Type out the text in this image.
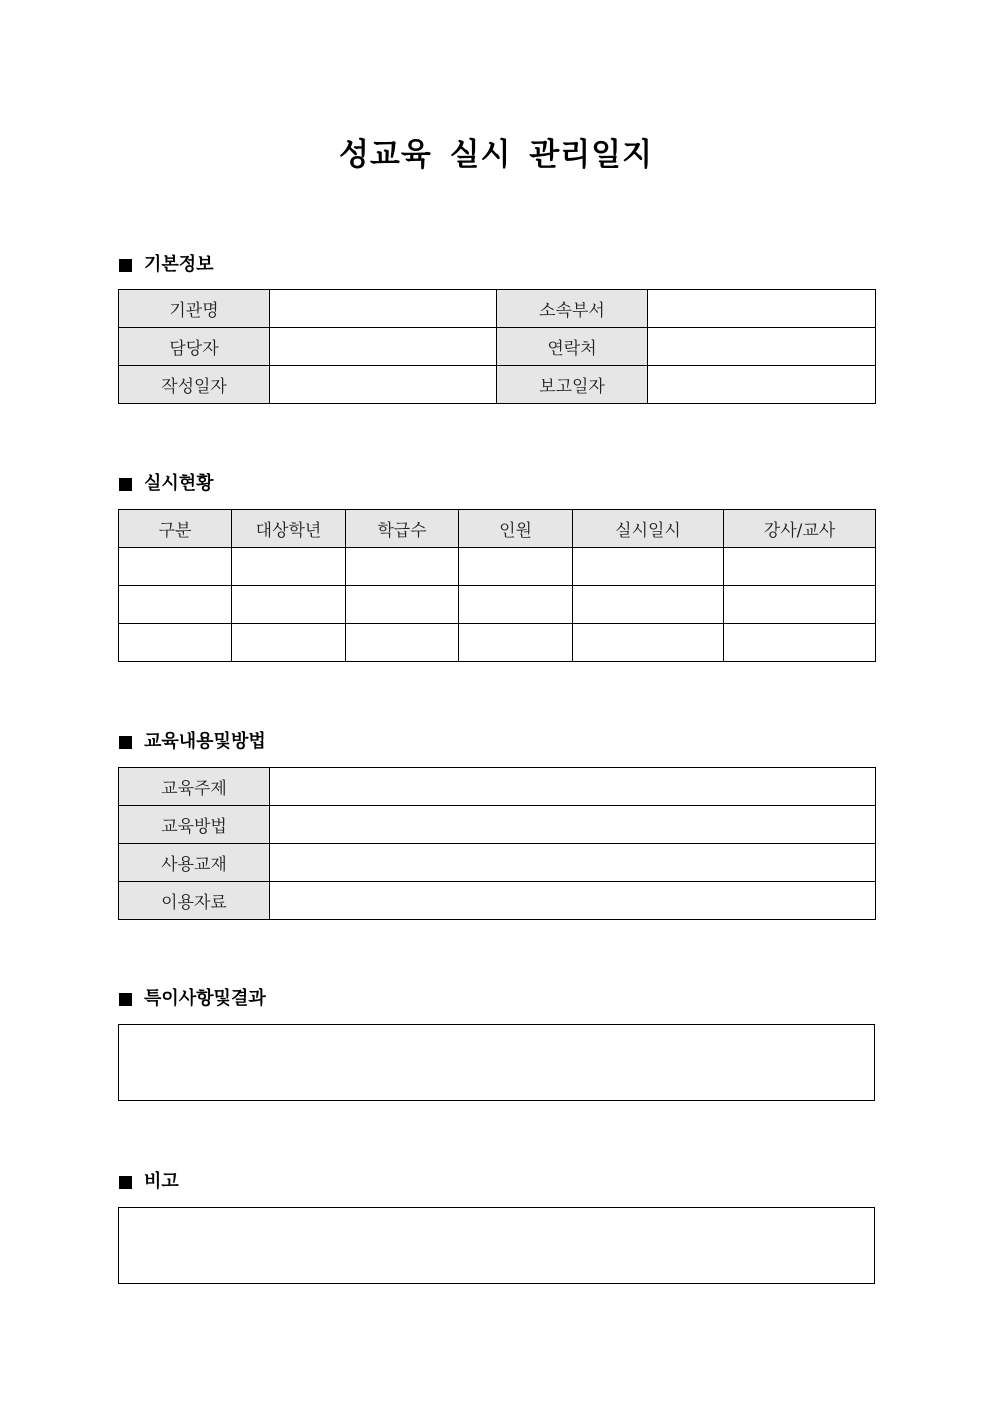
성교육 실시 관리일지
기본정보
기관명		소속부서	
담당자		연락처	
작성일자		보고일자	
실시현황
구분	대상학년	학급수	인원	실시일시	강사/교사

교육내용및방법
교육주제	
교육방법	
사용교재	
이용자료	
특이사항및결과
비고
